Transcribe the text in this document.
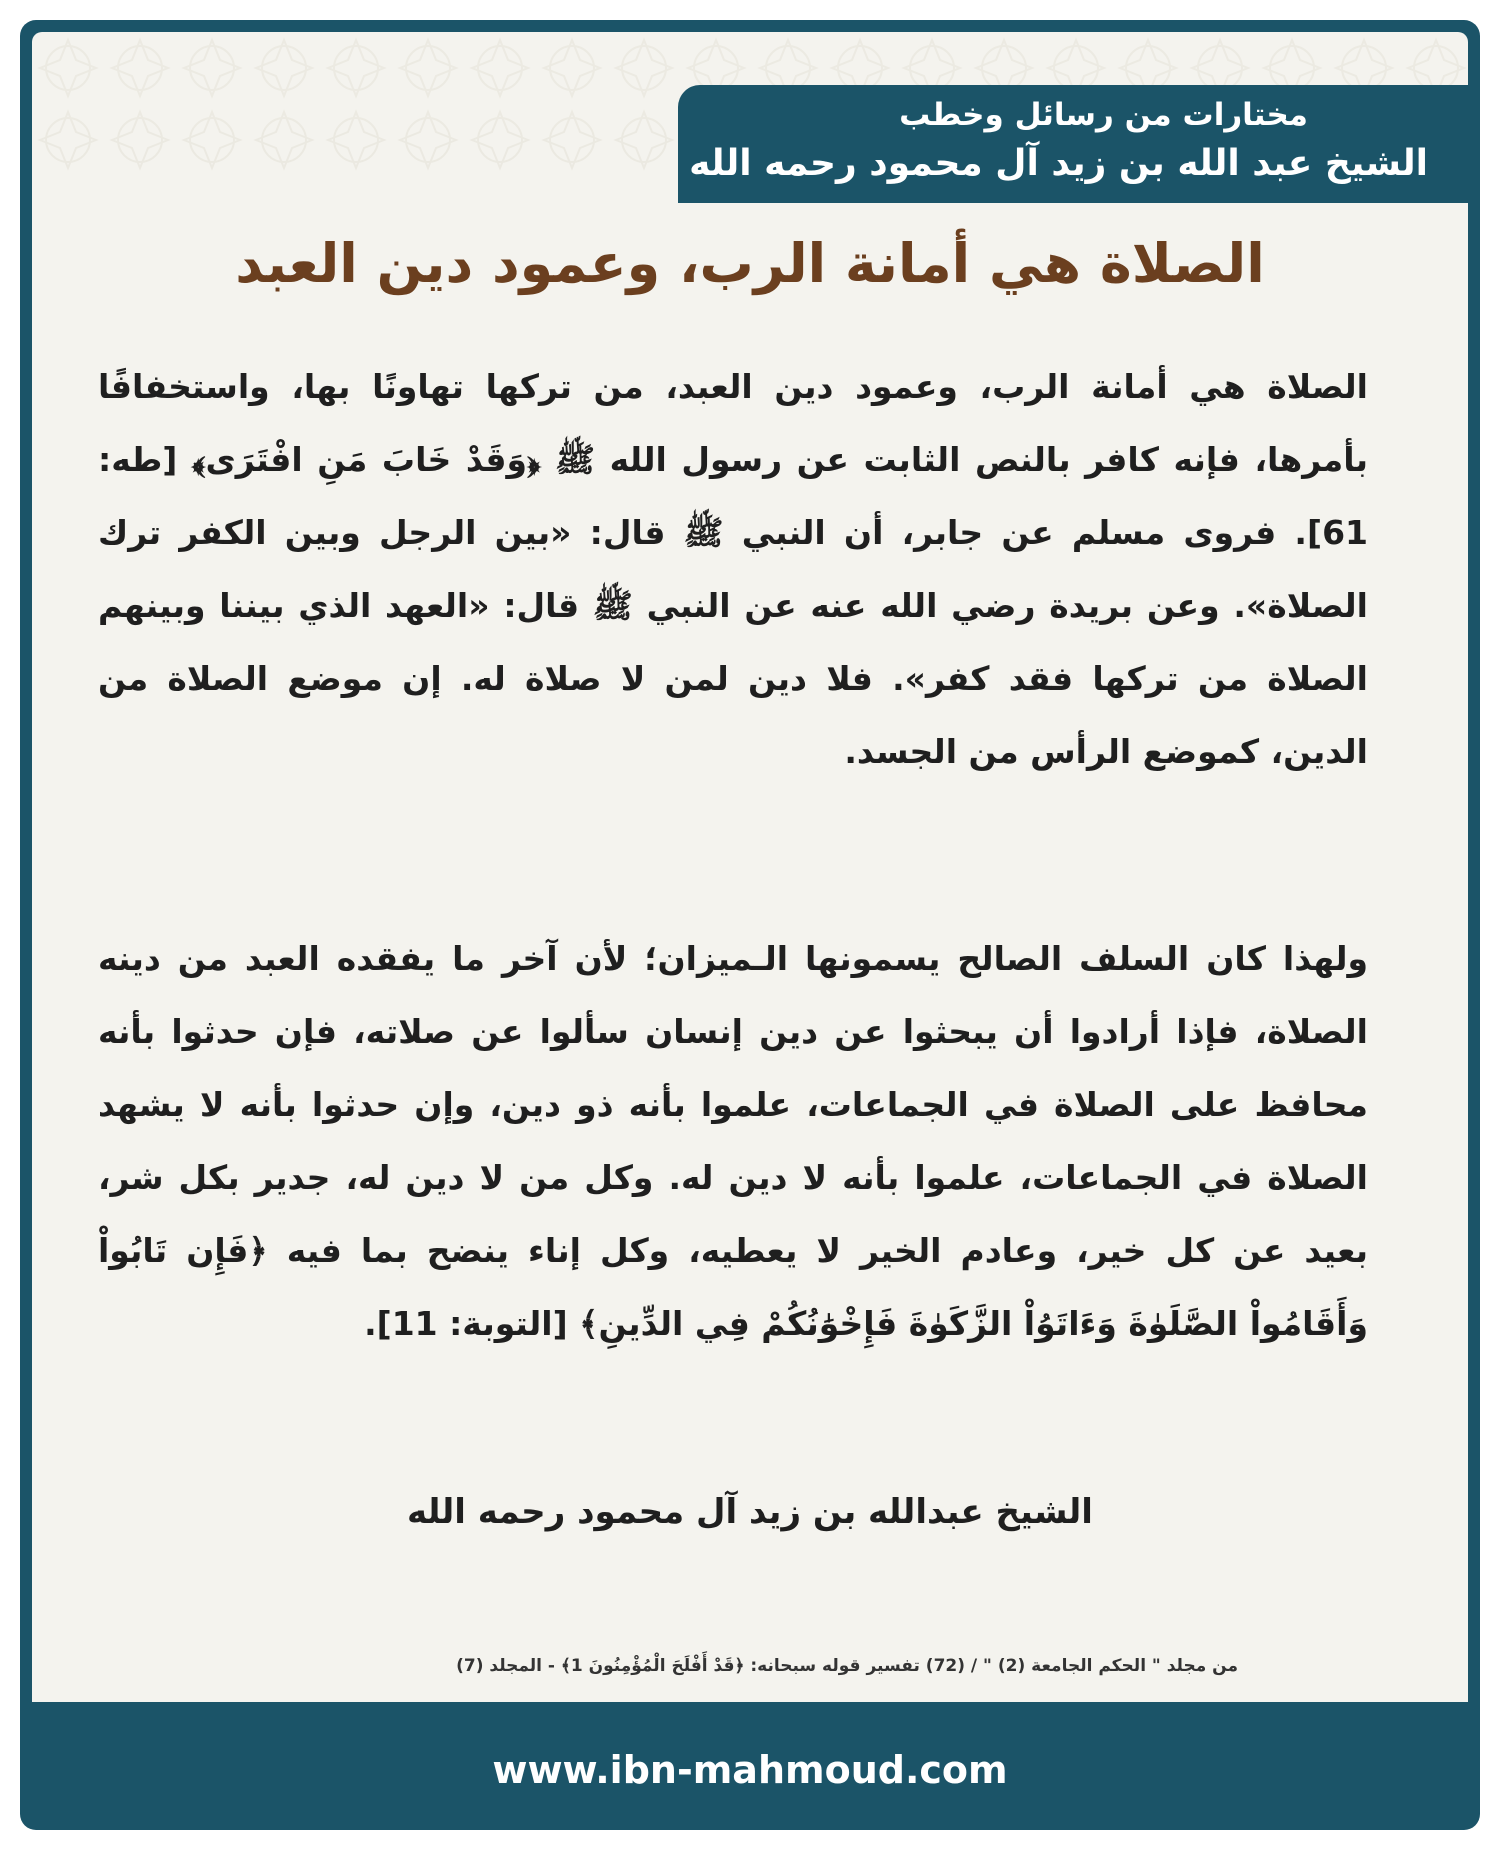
مختارات من رسائل وخطب
الشيخ عبد الله بن زيد آل محمود رحمه الله
الصلاة هي أمانة الرب، وعمود دين العبد

الصلاة هي أمانة الرب، وعمود دين العبد، من تركها تهاونًا بها، واستخفافًا بأمرها، فإنه كافر بالنص الثابت عن رسول الله ﷺ ﴿وَقَدْ خَابَ مَنِ افْتَرَى﴾ [طه: 61]. فروى مسلم عن جابر، أن النبي ﷺ قال: «بين الرجل وبين الكفر ترك الصلاة». وعن بريدة رضي الله عنه عن النبي ﷺ قال: «العهد الذي بيننا وبينهم الصلاة من تركها فقد كفر». فلا دين لمن لا صلاة له. إن موضع الصلاة من الدين، كموضع الرأس من الجسد.

ولهذا كان السلف الصالح يسمونها الـميزان؛ لأن آخر ما يفقده العبد من دينه الصلاة، فإذا أرادوا أن يبحثوا عن دين إنسان سألوا عن صلاته، فإن حدثوا بأنه محافظ على الصلاة في الجماعات، علموا بأنه ذو دين، وإن حدثوا بأنه لا يشهد الصلاة في الجماعات، علموا بأنه لا دين له. وكل من لا دين له، جدير بكل شر، بعيد عن كل خير، وعادم الخير لا يعطيه، وكل إناء ينضح بما فيه ﴿فَإِن تَابُواْ وَأَقَامُواْ الصَّلَوٰةَ وَءَاتَوُاْ الزَّكَوٰةَ فَإِخْوَٰنُكُمْ فِي الدِّينِ﴾ [التوبة: 11].

الشيخ عبدالله بن زيد آل محمود رحمه الله
من مجلد " الحكم الجامعة (2) " / (72) تفسير قوله سبحانه: ﴿قَدْ أَفْلَحَ الْمُؤْمِنُونَ 1﴾ - المجلد (7)
www.ibn-mahmoud.com
